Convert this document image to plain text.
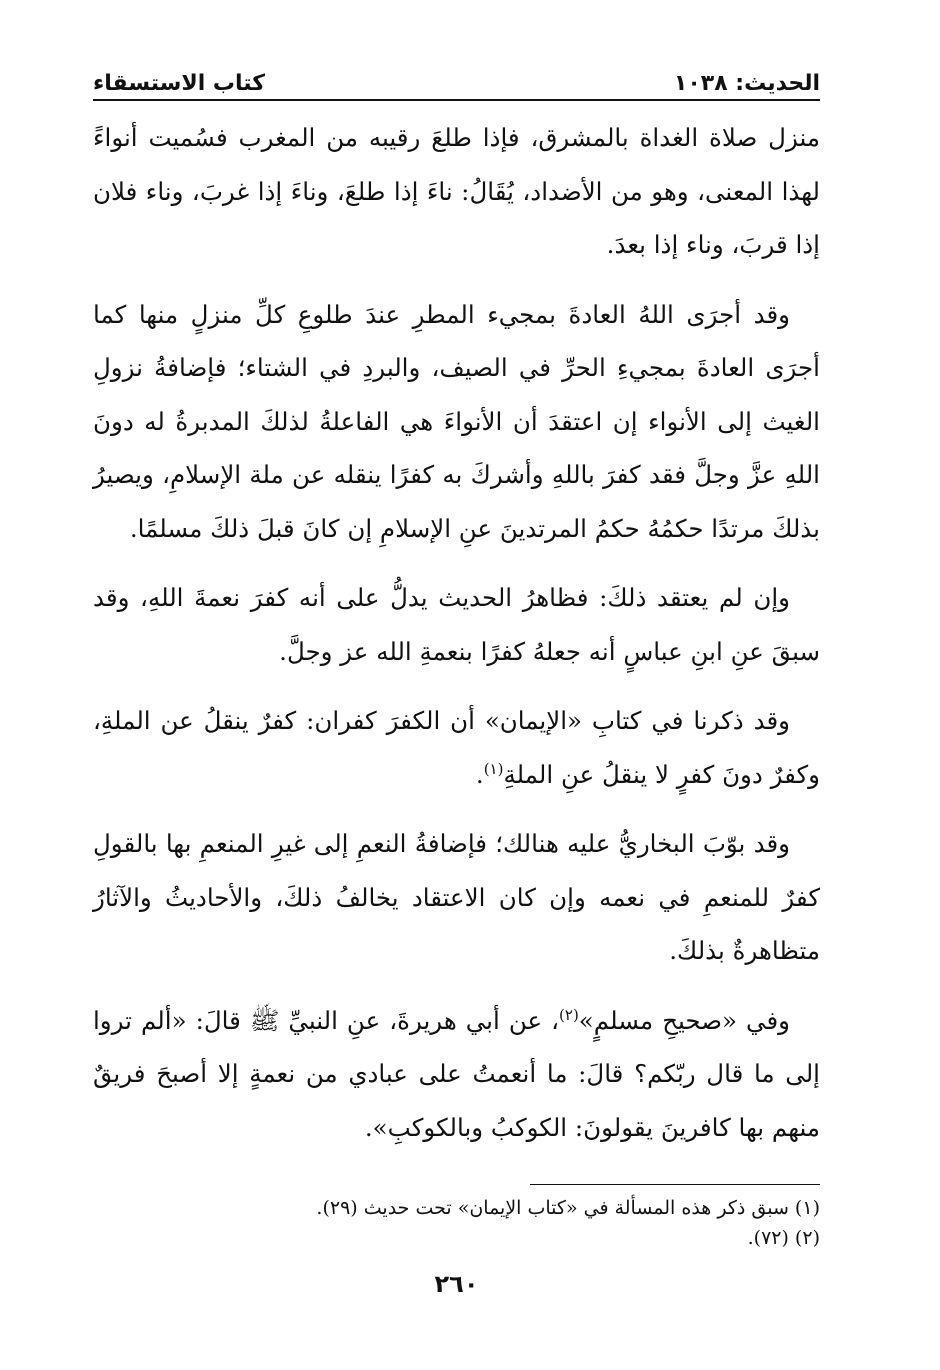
الحديث: ١٠٣٨
كتاب الاستسقاء

منزل صلاة الغداة بالمشرق، فإذا طلعَ رقيبه من المغرب فسُميت أنواءً لهذا المعنى، وهو من الأضداد، يُقَالُ: ناءَ إذا طلعَ، وناءَ إذا غربَ، وناء فلان إذا قربَ، وناء إذا بعدَ.

وقد أجرَى اللهُ العادةَ بمجيء المطرِ عندَ طلوعِ كلِّ منزلٍ منها كما أجرَى العادةَ بمجيءِ الحرِّ في الصيف، والبردِ في الشتاء؛ فإضافةُ نزولِ الغيث إلى الأنواء إن اعتقدَ أن الأنواءَ هي الفاعلةُ لذلكَ المدبرةُ له دونَ اللهِ عزَّ وجلَّ فقد كفرَ باللهِ وأشركَ به كفرًا ينقله عن ملة الإسلامِ، ويصيرُ بذلكَ مرتدًا حكمُهُ حكمُ المرتدينَ عنِ الإسلامِ إن كانَ قبلَ ذلكَ مسلمًا.

وإن لم يعتقد ذلكَ: فظاهرُ الحديث يدلُّ على أنه كفرَ نعمةَ اللهِ، وقد سبقَ عنِ ابنِ عباسٍ أنه جعلهُ كفرًا بنعمةِ الله عز وجلَّ.

وقد ذكرنا في كتابِ «الإيمان» أن الكفرَ كفران: كفرٌ ينقلُ عن الملةِ، وكفرٌ دونَ كفرٍ لا ينقلُ عنِ الملةِ$^{(١)}$.

وقد بوّبَ البخاريُّ عليه هنالك؛ فإضافةُ النعمِ إلى غيرِ المنعمِ بها بالقولِ كفرٌ للمنعمِ في نعمه وإن كان الاعتقاد يخالفُ ذلكَ، والأحاديثُ والآثارُ متظاهرةٌ بذلكَ.

وفي «صحيحِ مسلمٍ»$^{(٢)}$، عن أبي هريرةَ، عنِ النبيِّ ﷺ قالَ: «ألم تروا إلى ما قال ربّكم؟ قالَ: ما أنعمتُ على عبادي من نعمةٍ إلا أصبحَ فريقٌ منهم بها كافرينَ يقولونَ: الكوكبُ وبالكوكبِ».

(١) سبق ذكر هذه المسألة في «كتاب الإيمان» تحت حديث (٢٩).
(٢) (٧٢).
٢٦٠
